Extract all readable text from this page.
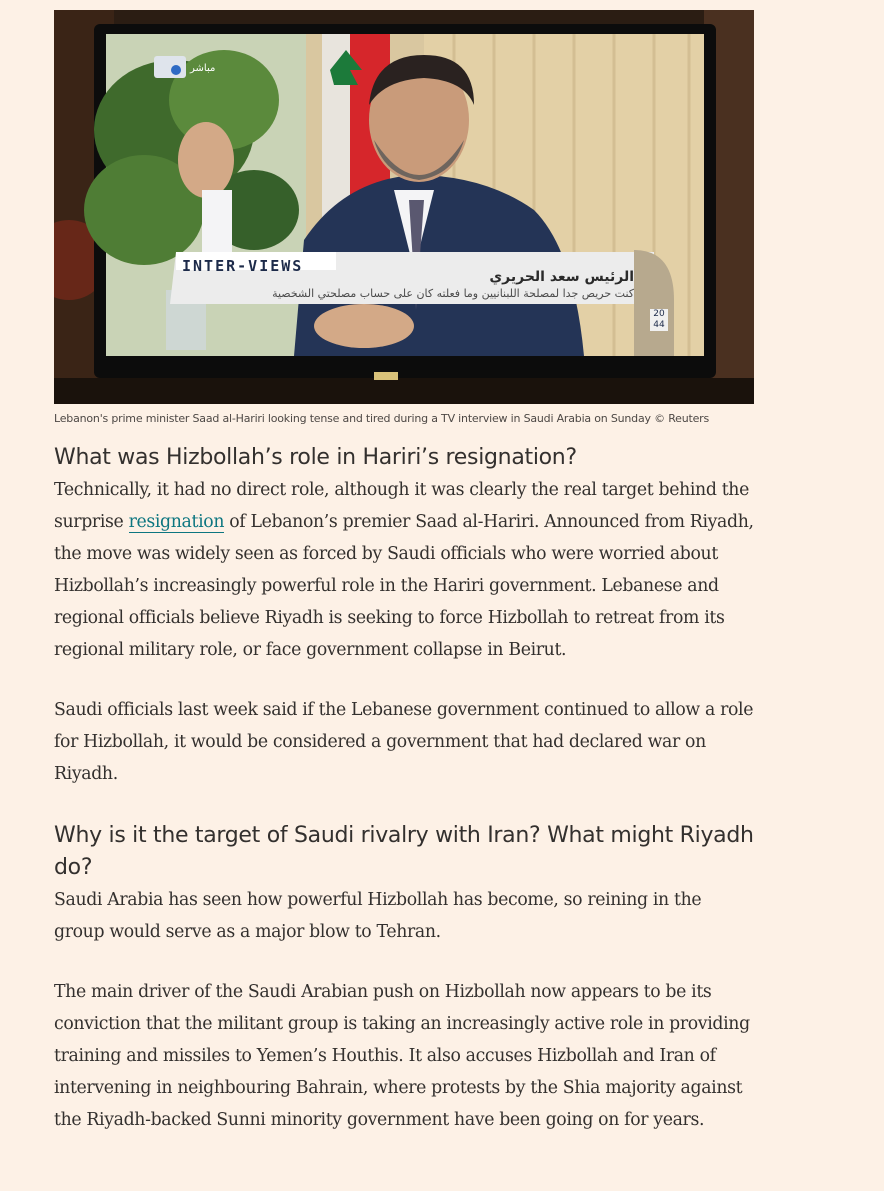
مباشر
INTER-VIEWS
الرئيس سعد الحريري
كنت حريص جدا لمصلحة اللبنانيين وما فعلته كان على حساب مصلحتي الشخصية
20
44
Lebanon's prime minister Saad al-Hariri looking tense and tired during a TV interview in Saudi Arabia on Sunday © Reuters
What was Hizbollah’s role in Hariri’s resignation?

Technically, it had no direct role, although it was clearly the real target behind the surprise resignation of Lebanon’s premier Saad al-Hariri. Announced from Riyadh, the move was widely seen as forced by Saudi officials who were worried about Hizbollah’s increasingly powerful role in the Hariri government. Lebanese and regional officials believe Riyadh is seeking to force Hizbollah to retreat from its regional military role, or face government collapse in Beirut.

Saudi officials last week said if the Lebanese government continued to allow a role for Hizbollah, it would be considered a government that had declared war on Riyadh.

Why is it the target of Saudi rivalry with Iran? What might Riyadh do?

Saudi Arabia has seen how powerful Hizbollah has become, so reining in the group would serve as a major blow to Tehran.

The main driver of the Saudi Arabian push on Hizbollah now appears to be its conviction that the militant group is taking an increasingly active role in providing training and missiles to Yemen’s Houthis. It also accuses Hizbollah and Iran of intervening in neighbouring Bahrain, where protests by the Shia majority against the Riyadh-backed Sunni minority government have been going on for years.
